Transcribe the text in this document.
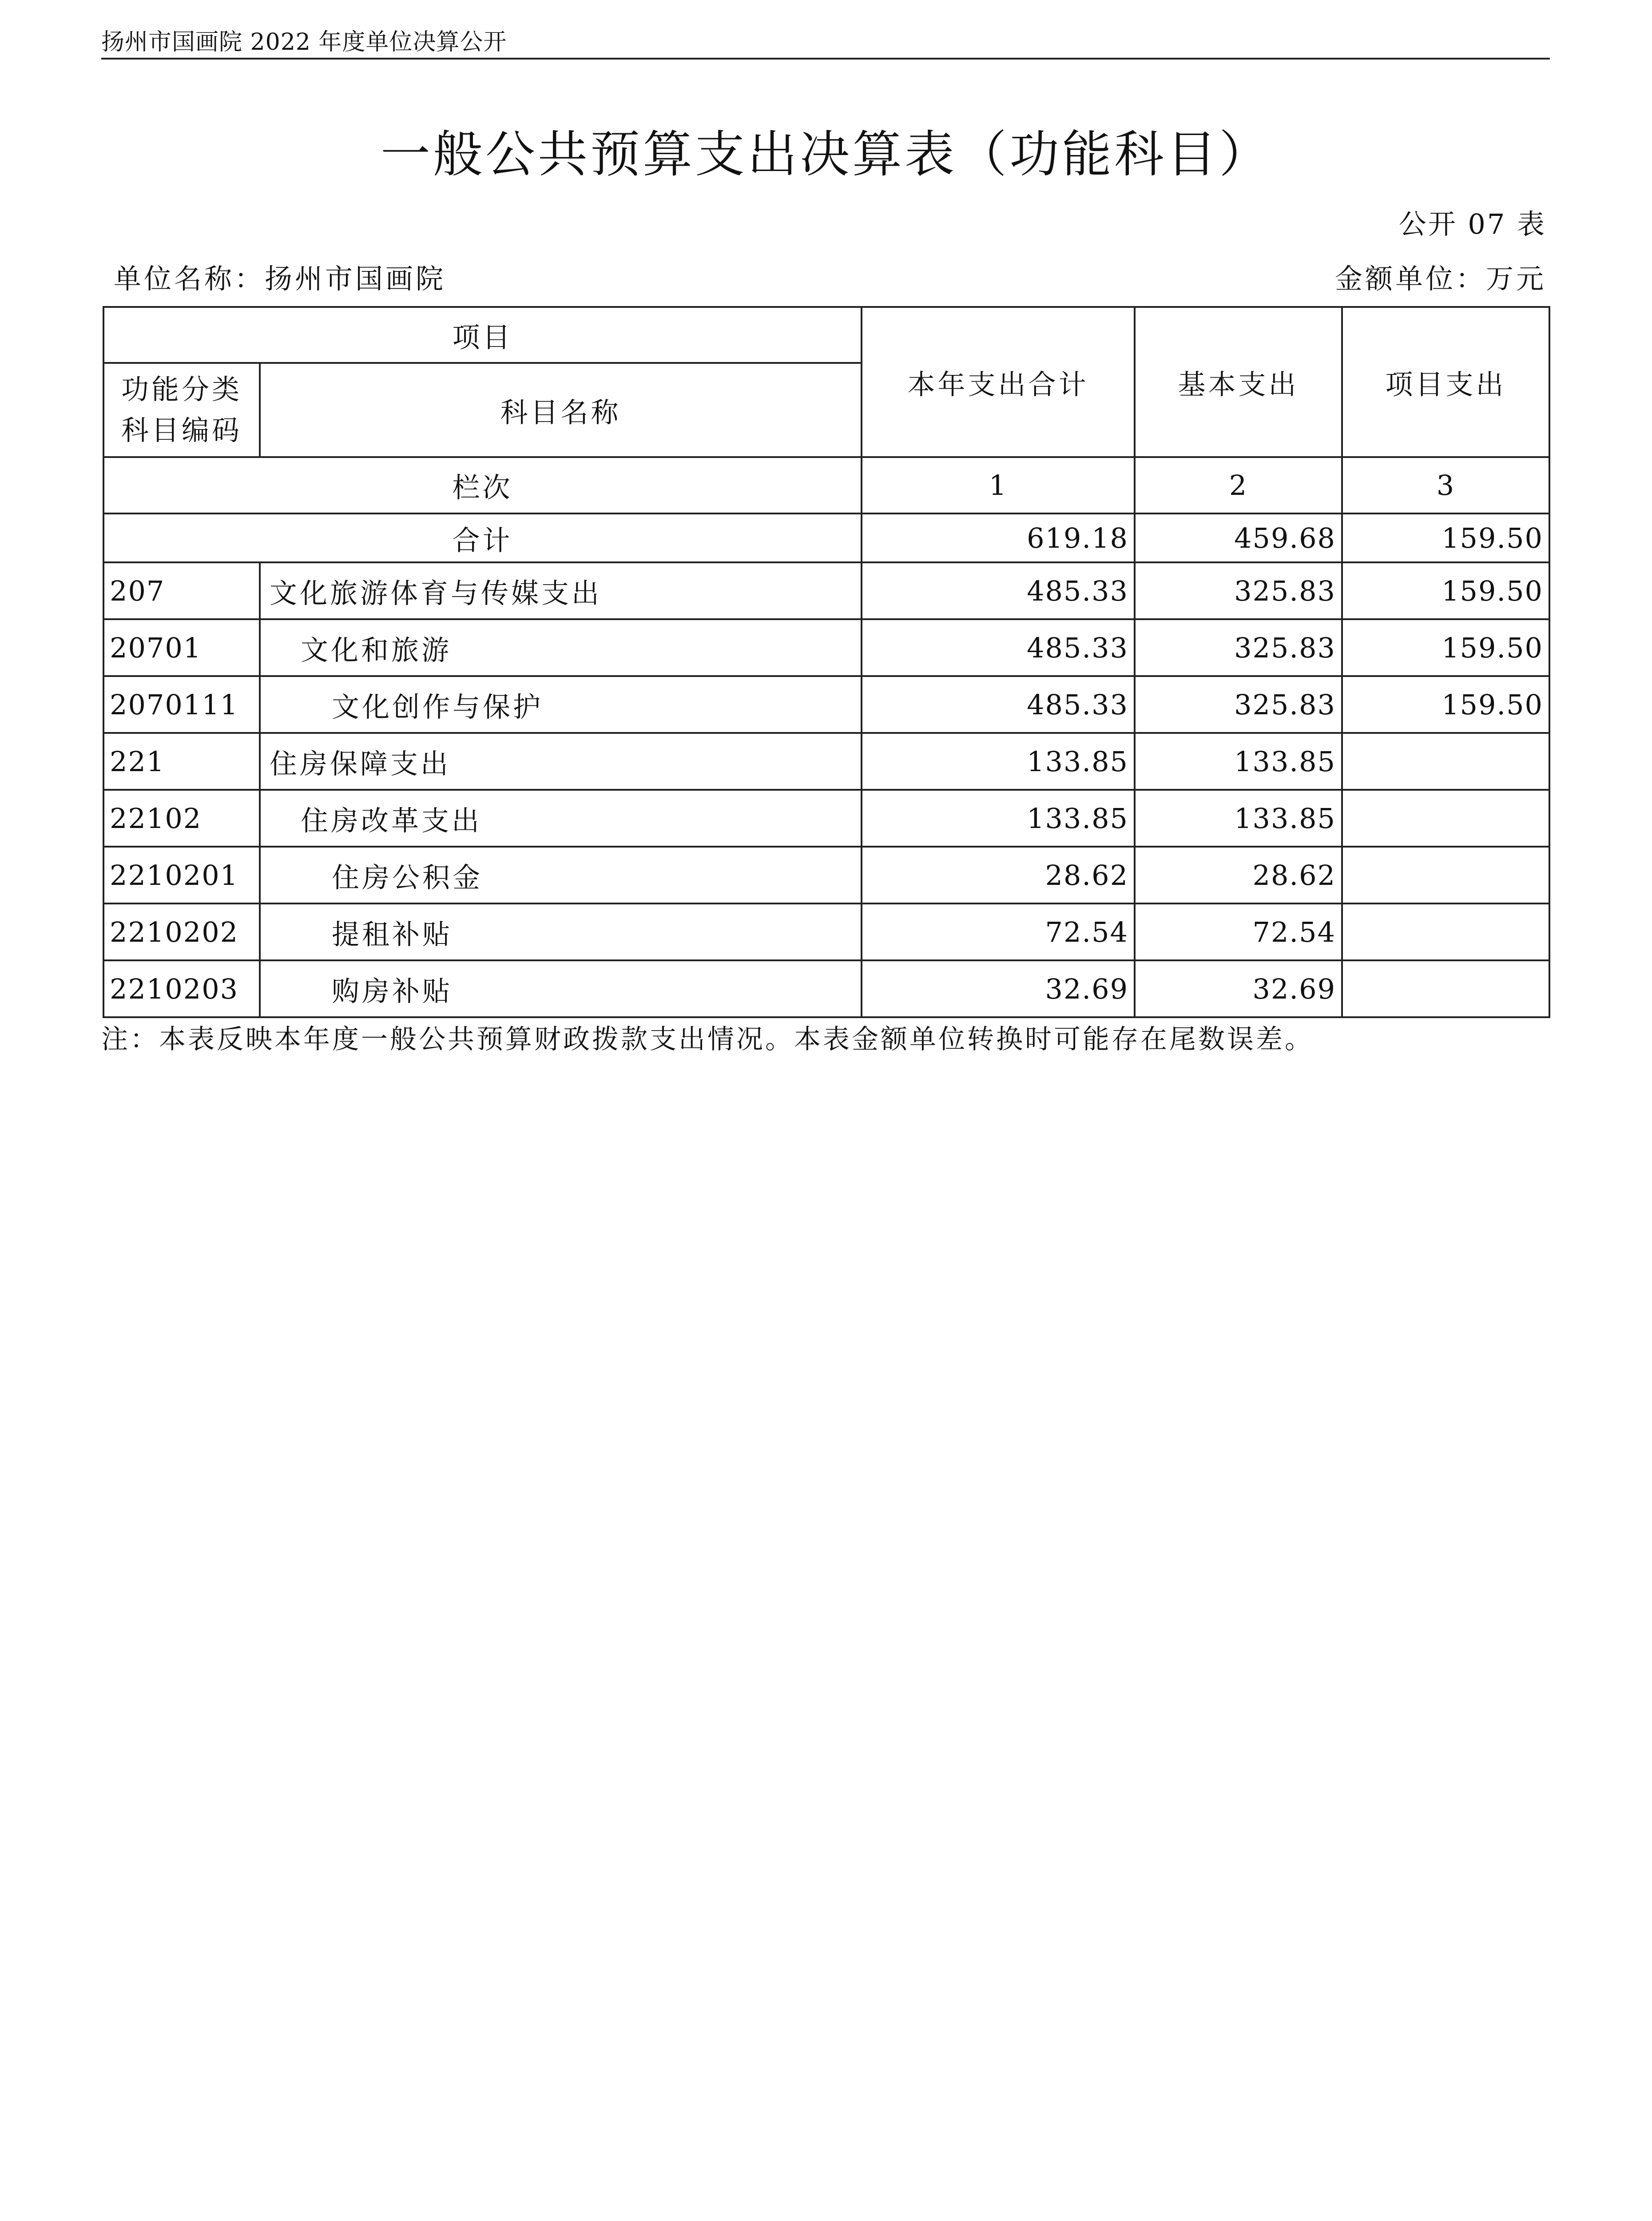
扬州市国画院 2022 年度单位决算公开
一般公共预算支出决算表（功能科目）
公开 07 表
单位名称：扬州市国画院	金额单位：万元
项目		本年支出合计	基本支出	项目支出
功能分类科目编码	科目名称			
栏次		1	2	3
合计		619.18	459.68	159.50
207	文化旅游体育与传媒支出	485.33	325.83	159.50
20701	文化和旅游	485.33	325.83	159.50
2070111	文化创作与保护	485.33	325.83	159.50
221	住房保障支出	133.85	133.85	
22102	住房改革支出	133.85	133.85	
2210201	住房公积金	28.62	28.62	
2210202	提租补贴	72.54	72.54	
2210203	购房补贴	32.69	32.69	
注：本表反映本年度一般公共预算财政拨款支出情况。本表金额单位转换时可能存在尾数误差。
